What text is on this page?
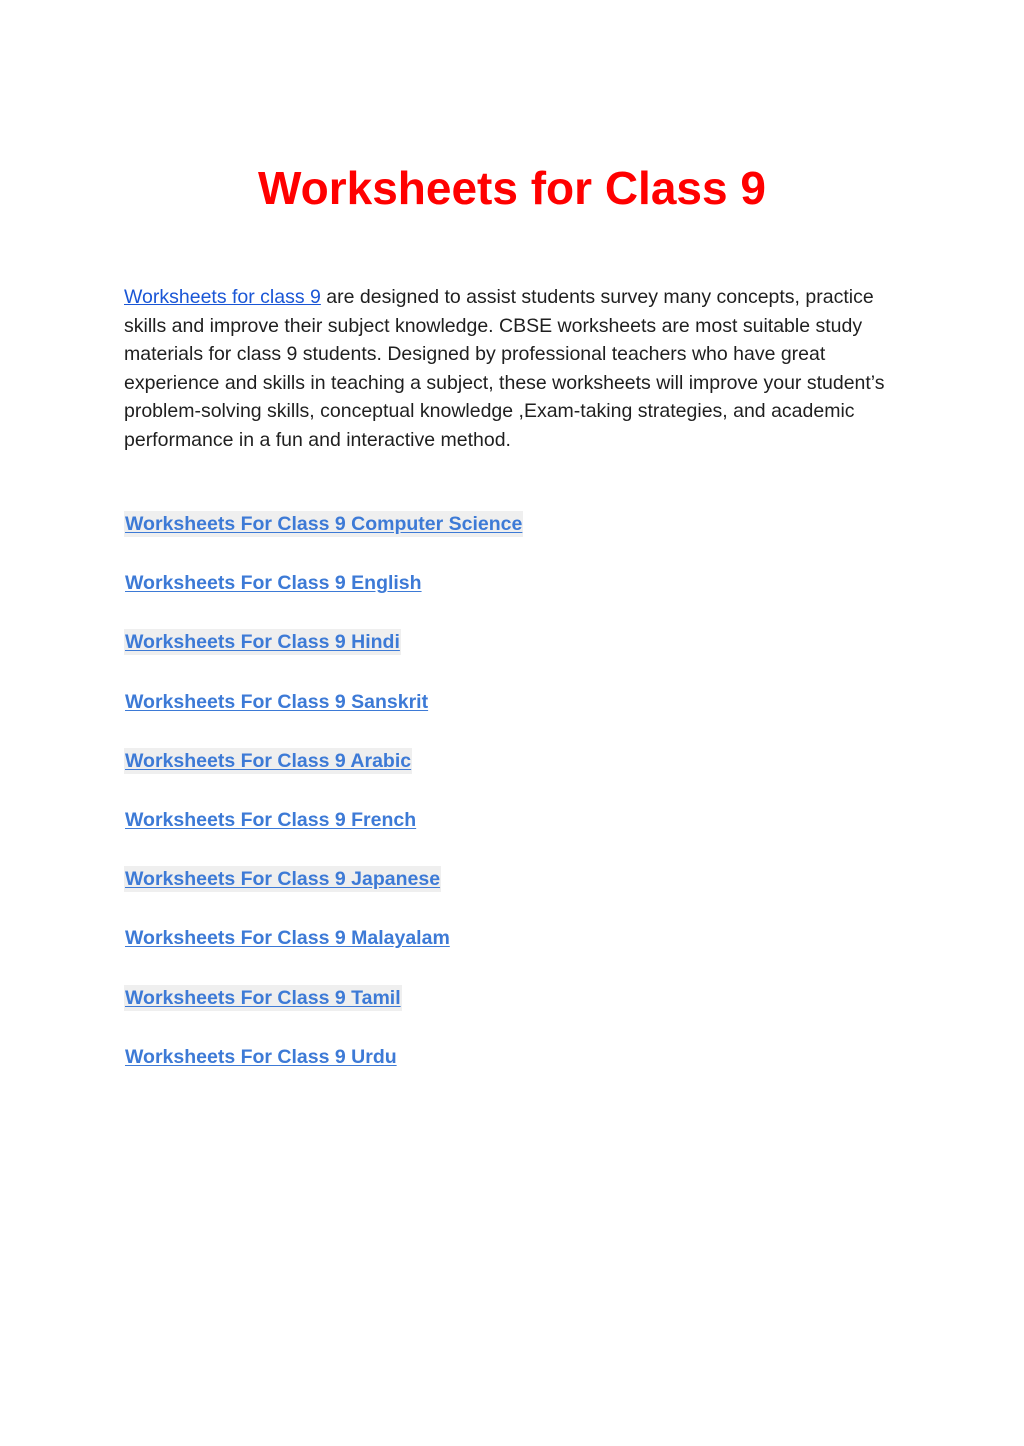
Worksheets for Class 9

Worksheets for class 9 are designed to assist students survey many concepts, practice skills and improve their subject knowledge. CBSE worksheets are most suitable study materials for class 9 students. Designed by professional teachers who have great experience and skills in teaching a subject, these worksheets will improve your student’s problem-solving skills, conceptual knowledge ,Exam-taking strategies, and academic performance in a fun and interactive method.

Worksheets For Class 9 Computer Science
Worksheets For Class 9 English
Worksheets For Class 9 Hindi
Worksheets For Class 9 Sanskrit
Worksheets For Class 9 Arabic
Worksheets For Class 9 French
Worksheets For Class 9 Japanese
Worksheets For Class 9 Malayalam
Worksheets For Class 9 Tamil
Worksheets For Class 9 Urdu
